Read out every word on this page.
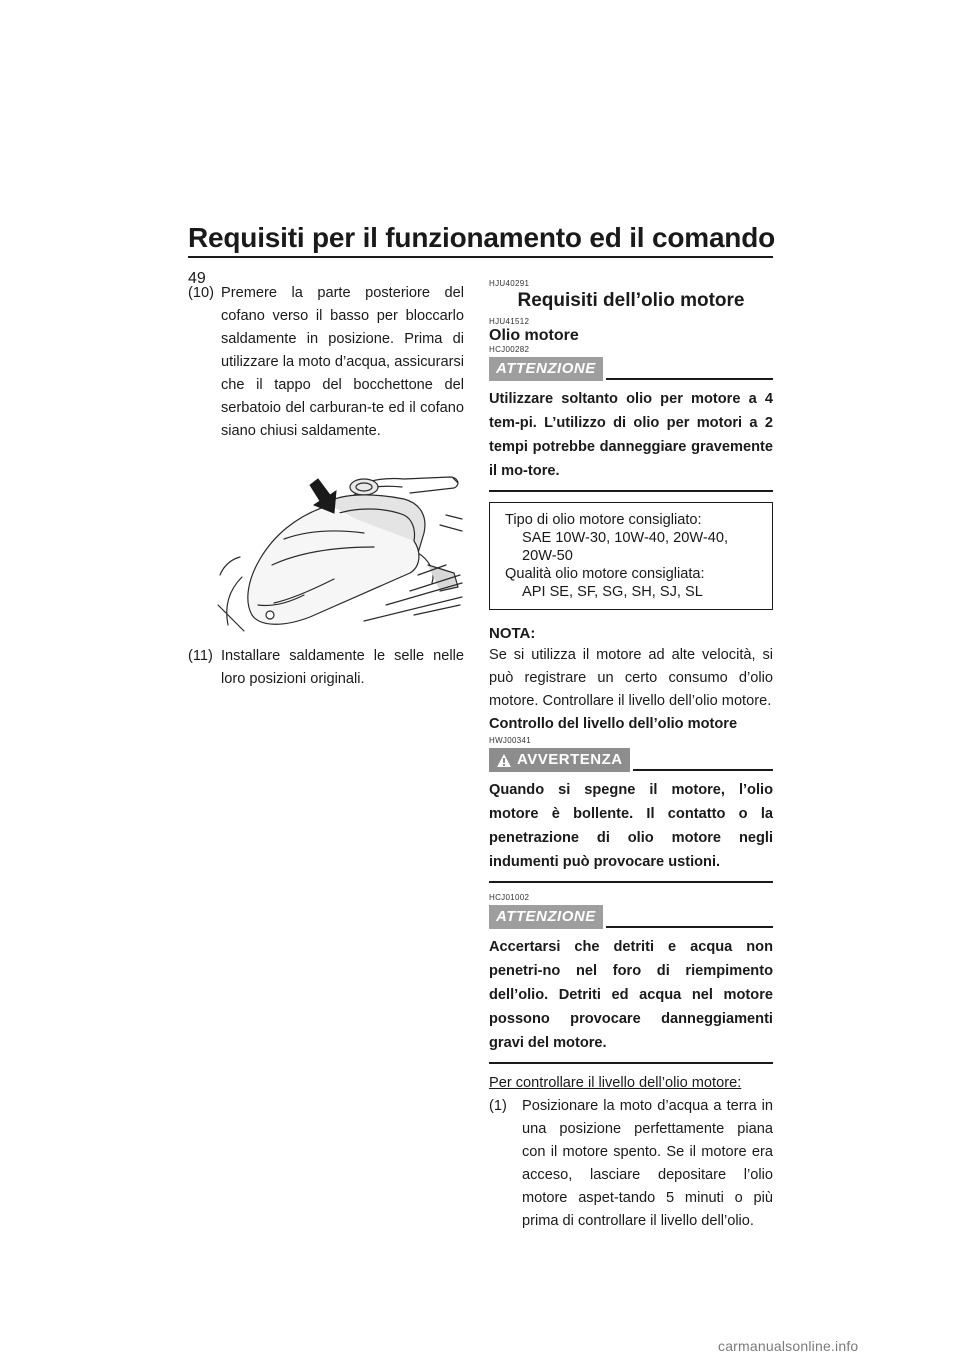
Requisiti per il funzionamento ed il comando
49

(10) Premere la parte posteriore del cofano verso il basso per bloccarlo saldamente in posizione. Prima di utilizzare la moto d’acqua, assicurarsi che il tappo del bocchettone del serbatoio del carburan-te ed il cofano siano chiusi saldamente.

(11) Installare saldamente le selle nelle loro posizioni originali.

HJU40291
Requisiti dell’olio motore
HJU41512
Olio motore
HCJ00282
ATTENZIONE

Utilizzare soltanto olio per motore a 4 tem-pi. L’utilizzo di olio per motori a 2 tempi potrebbe danneggiare gravemente il mo-tore.

Tipo di olio motore consigliato:

SAE 10W-30, 10W-40, 20W-40,

20W-50

Qualità olio motore consigliata:

API SE, SF, SG, SH, SJ, SL

NOTA:

Se si utilizza il motore ad alte velocità, si può registrare un certo consumo d’olio motore. Controllare il livello dell’olio motore.

Controllo del livello dell’olio motore

HWJ00341
AVVERTENZA

Quando si spegne il motore, l’olio motore è bollente. Il contatto o la penetrazione di olio motore negli indumenti può provocare ustioni.

HCJ01002
ATTENZIONE

Accertarsi che detriti e acqua non penetri-no nel foro di riempimento dell’olio. Detriti ed acqua nel motore possono provocare danneggiamenti gravi del motore.

Per controllare il livello dell’olio motore:

(1) Posizionare la moto d’acqua a terra in una posizione perfettamente piana con il motore spento. Se il motore era acceso, lasciare depositare l’olio motore aspet-tando 5 minuti o più prima di controllare il livello dell’olio.

carmanualsonline.info
